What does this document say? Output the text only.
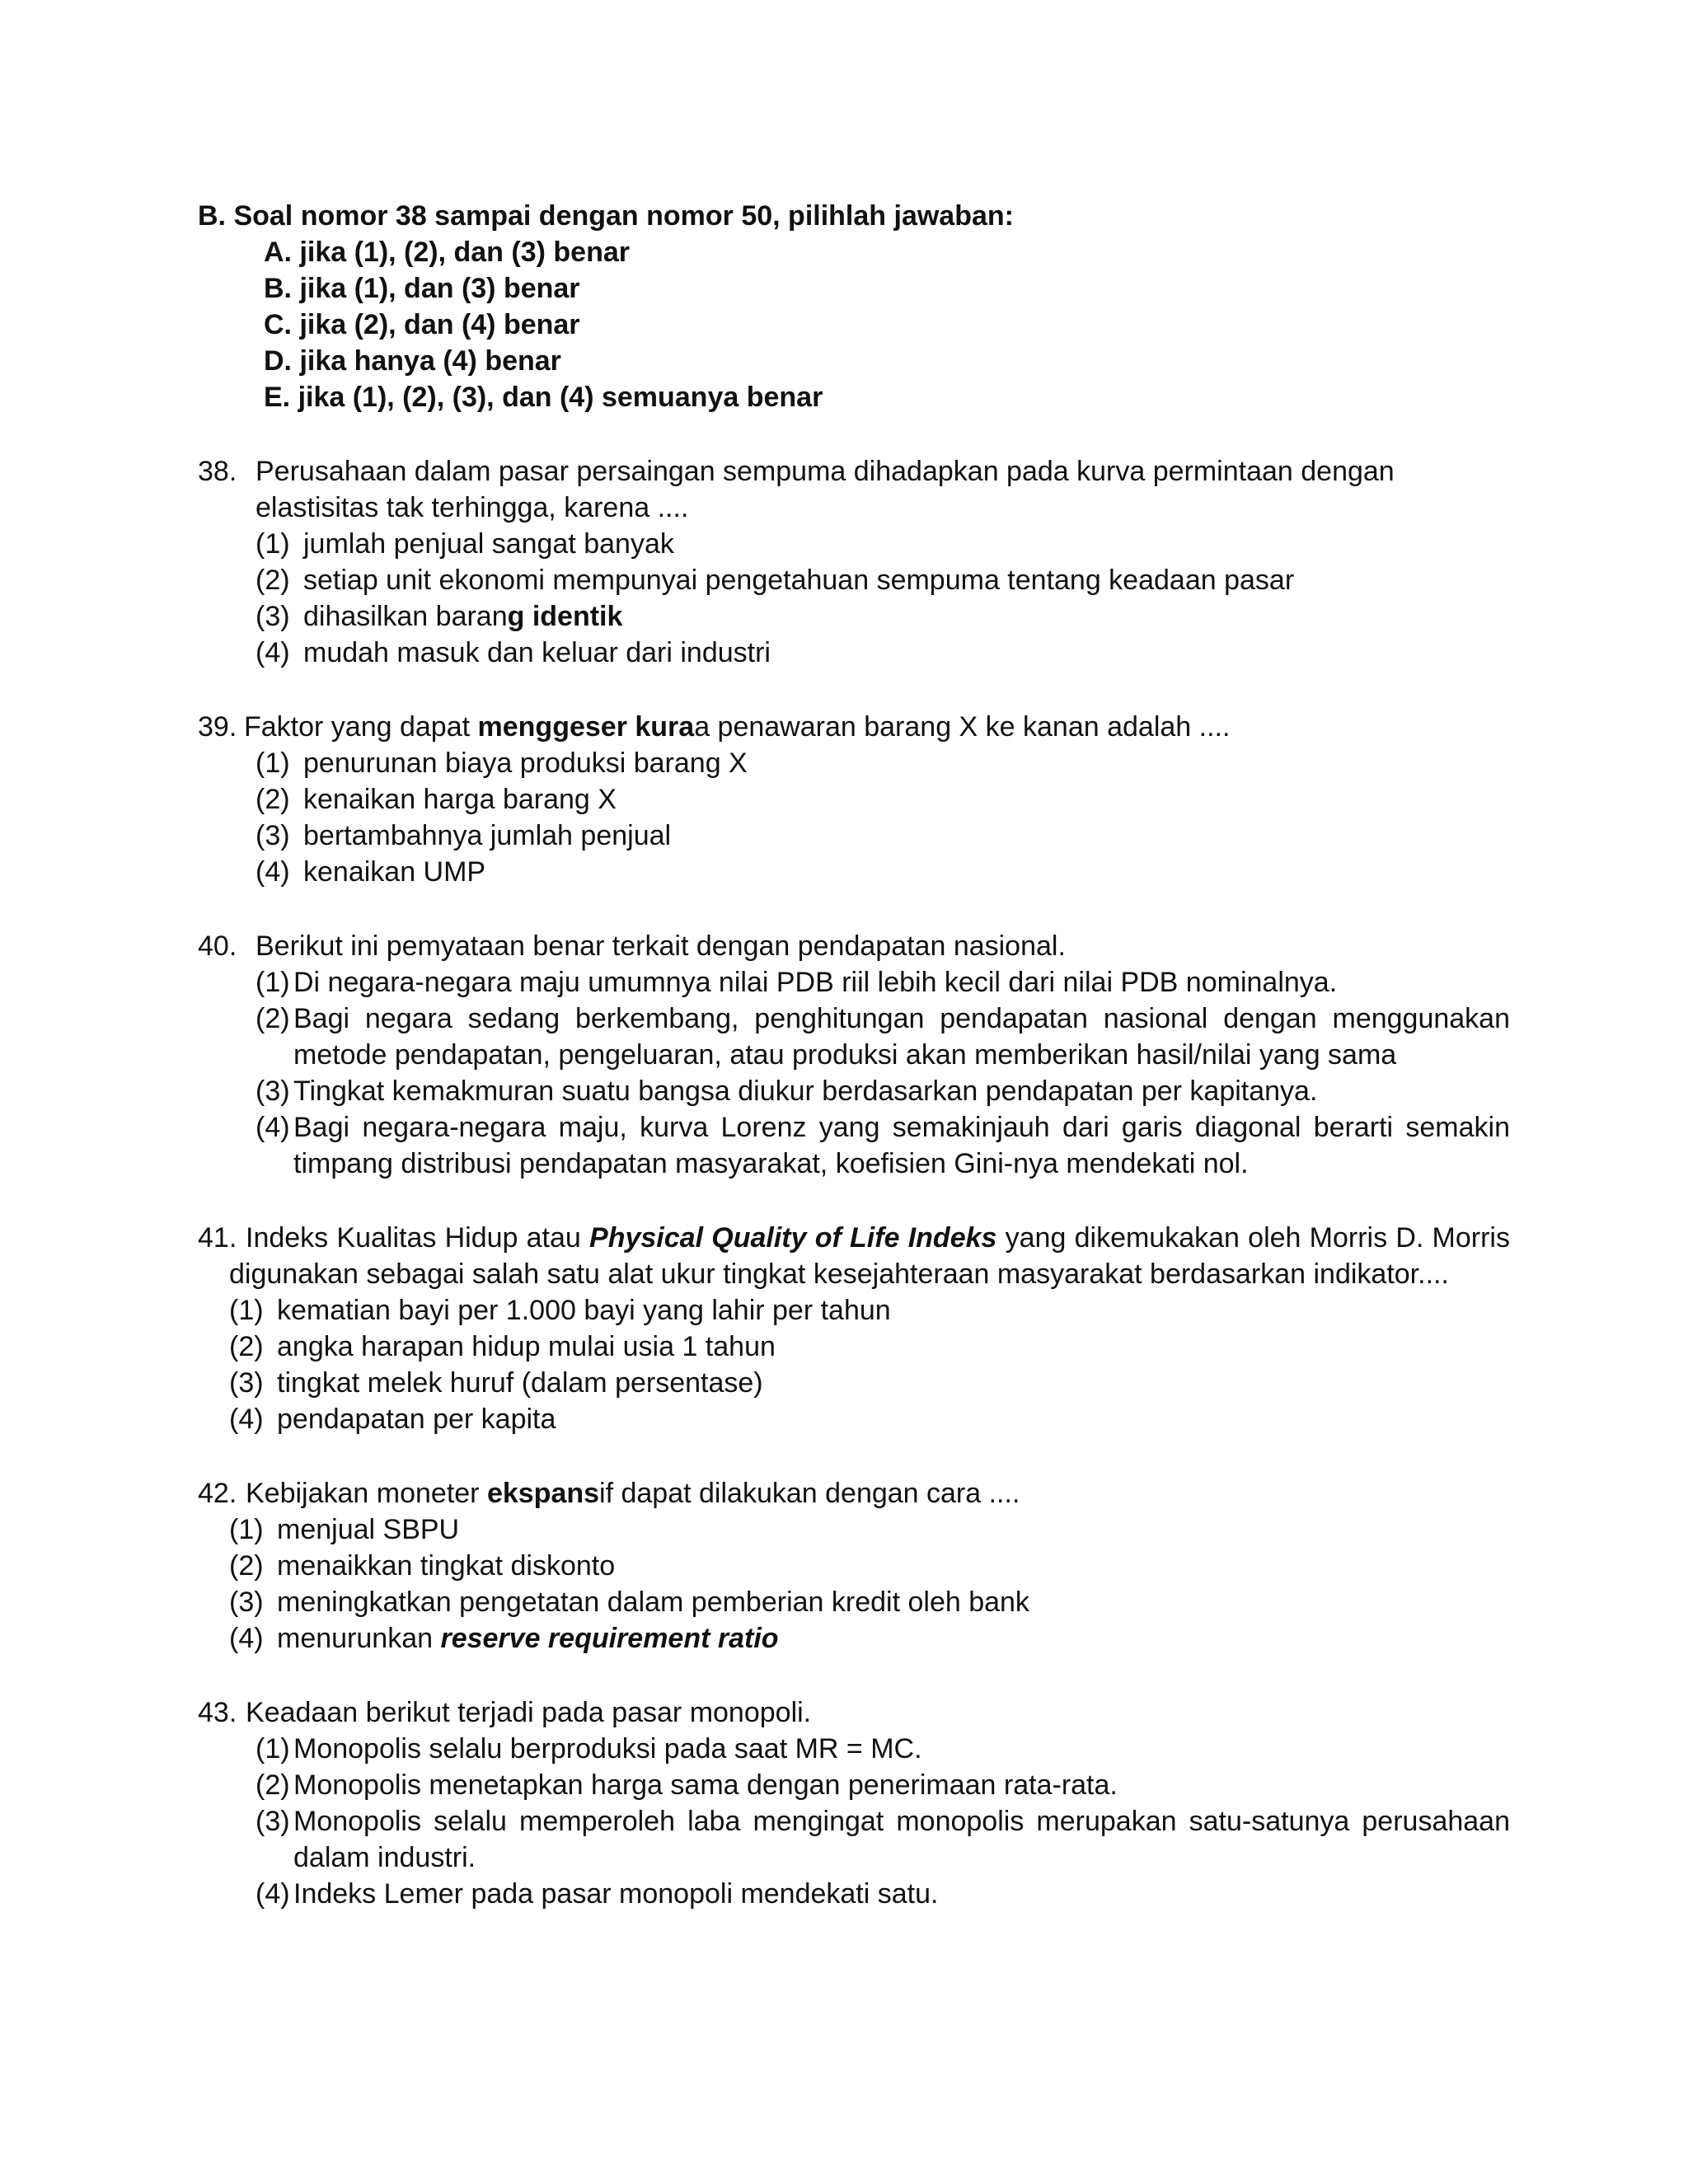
B. Soal nomor 38 sampai dengan nomor 50, pilihlah jawaban:
A. jika (1), (2), dan (3) benar
B. jika (1), dan (3) benar
C. jika (2), dan (4) benar
D. jika hanya (4) benar
E. jika (1), (2), (3), dan (4) semuanya benar
38. Perusahaan dalam pasar persaingan sempuma dihadapkan pada kurva permintaan dengan
elastisitas tak terhingga, karena ....
(1) jumlah penjual sangat banyak
(2) setiap unit ekonomi mempunyai pengetahuan sempuma tentang keadaan pasar
(3) dihasilkan barang identik
(4) mudah masuk dan keluar dari industri
39. Faktor yang dapat menggeser kuraa penawaran barang X ke kanan adalah ....
(1) penurunan biaya produksi barang X
(2) kenaikan harga barang X
(3) bertambahnya jumlah penjual
(4) kenaikan UMP
40. Berikut ini pemyataan benar terkait dengan pendapatan nasional.
(1) Di negara-negara maju umumnya nilai PDB riil lebih kecil dari nilai PDB nominalnya.
(2) Bagi negara sedang berkembang, penghitungan pendapatan nasional dengan menggunakan
metode pendapatan, pengeluaran, atau produksi akan memberikan hasil/nilai yang sama
(3) Tingkat kemakmuran suatu bangsa diukur berdasarkan pendapatan per kapitanya.
(4) Bagi negara-negara maju, kurva Lorenz yang semakinjauh dari garis diagonal berarti semakin
timpang distribusi pendapatan masyarakat, koefisien Gini-nya mendekati nol.
41. Indeks Kualitas Hidup atau Physical Quality of Life Indeks yang dikemukakan oleh Morris D. Morris
digunakan sebagai salah satu alat ukur tingkat kesejahteraan masyarakat berdasarkan indikator....
(1) kematian bayi per 1.000 bayi yang lahir per tahun
(2) angka harapan hidup mulai usia 1 tahun
(3) tingkat melek huruf (dalam persentase)
(4) pendapatan per kapita
42. Kebijakan moneter ekspansif dapat dilakukan dengan cara ....
(1) menjual SBPU
(2) menaikkan tingkat diskonto
(3) meningkatkan pengetatan dalam pemberian kredit oleh bank
(4) menurunkan reserve requirement ratio
43. Keadaan berikut terjadi pada pasar monopoli.
(1) Monopolis selalu berproduksi pada saat MR = MC.
(2) Monopolis menetapkan harga sama dengan penerimaan rata-rata.
(3) Monopolis selalu memperoleh laba mengingat monopolis merupakan satu-satunya perusahaan
dalam industri.
(4) Indeks Lemer pada pasar monopoli mendekati satu.
